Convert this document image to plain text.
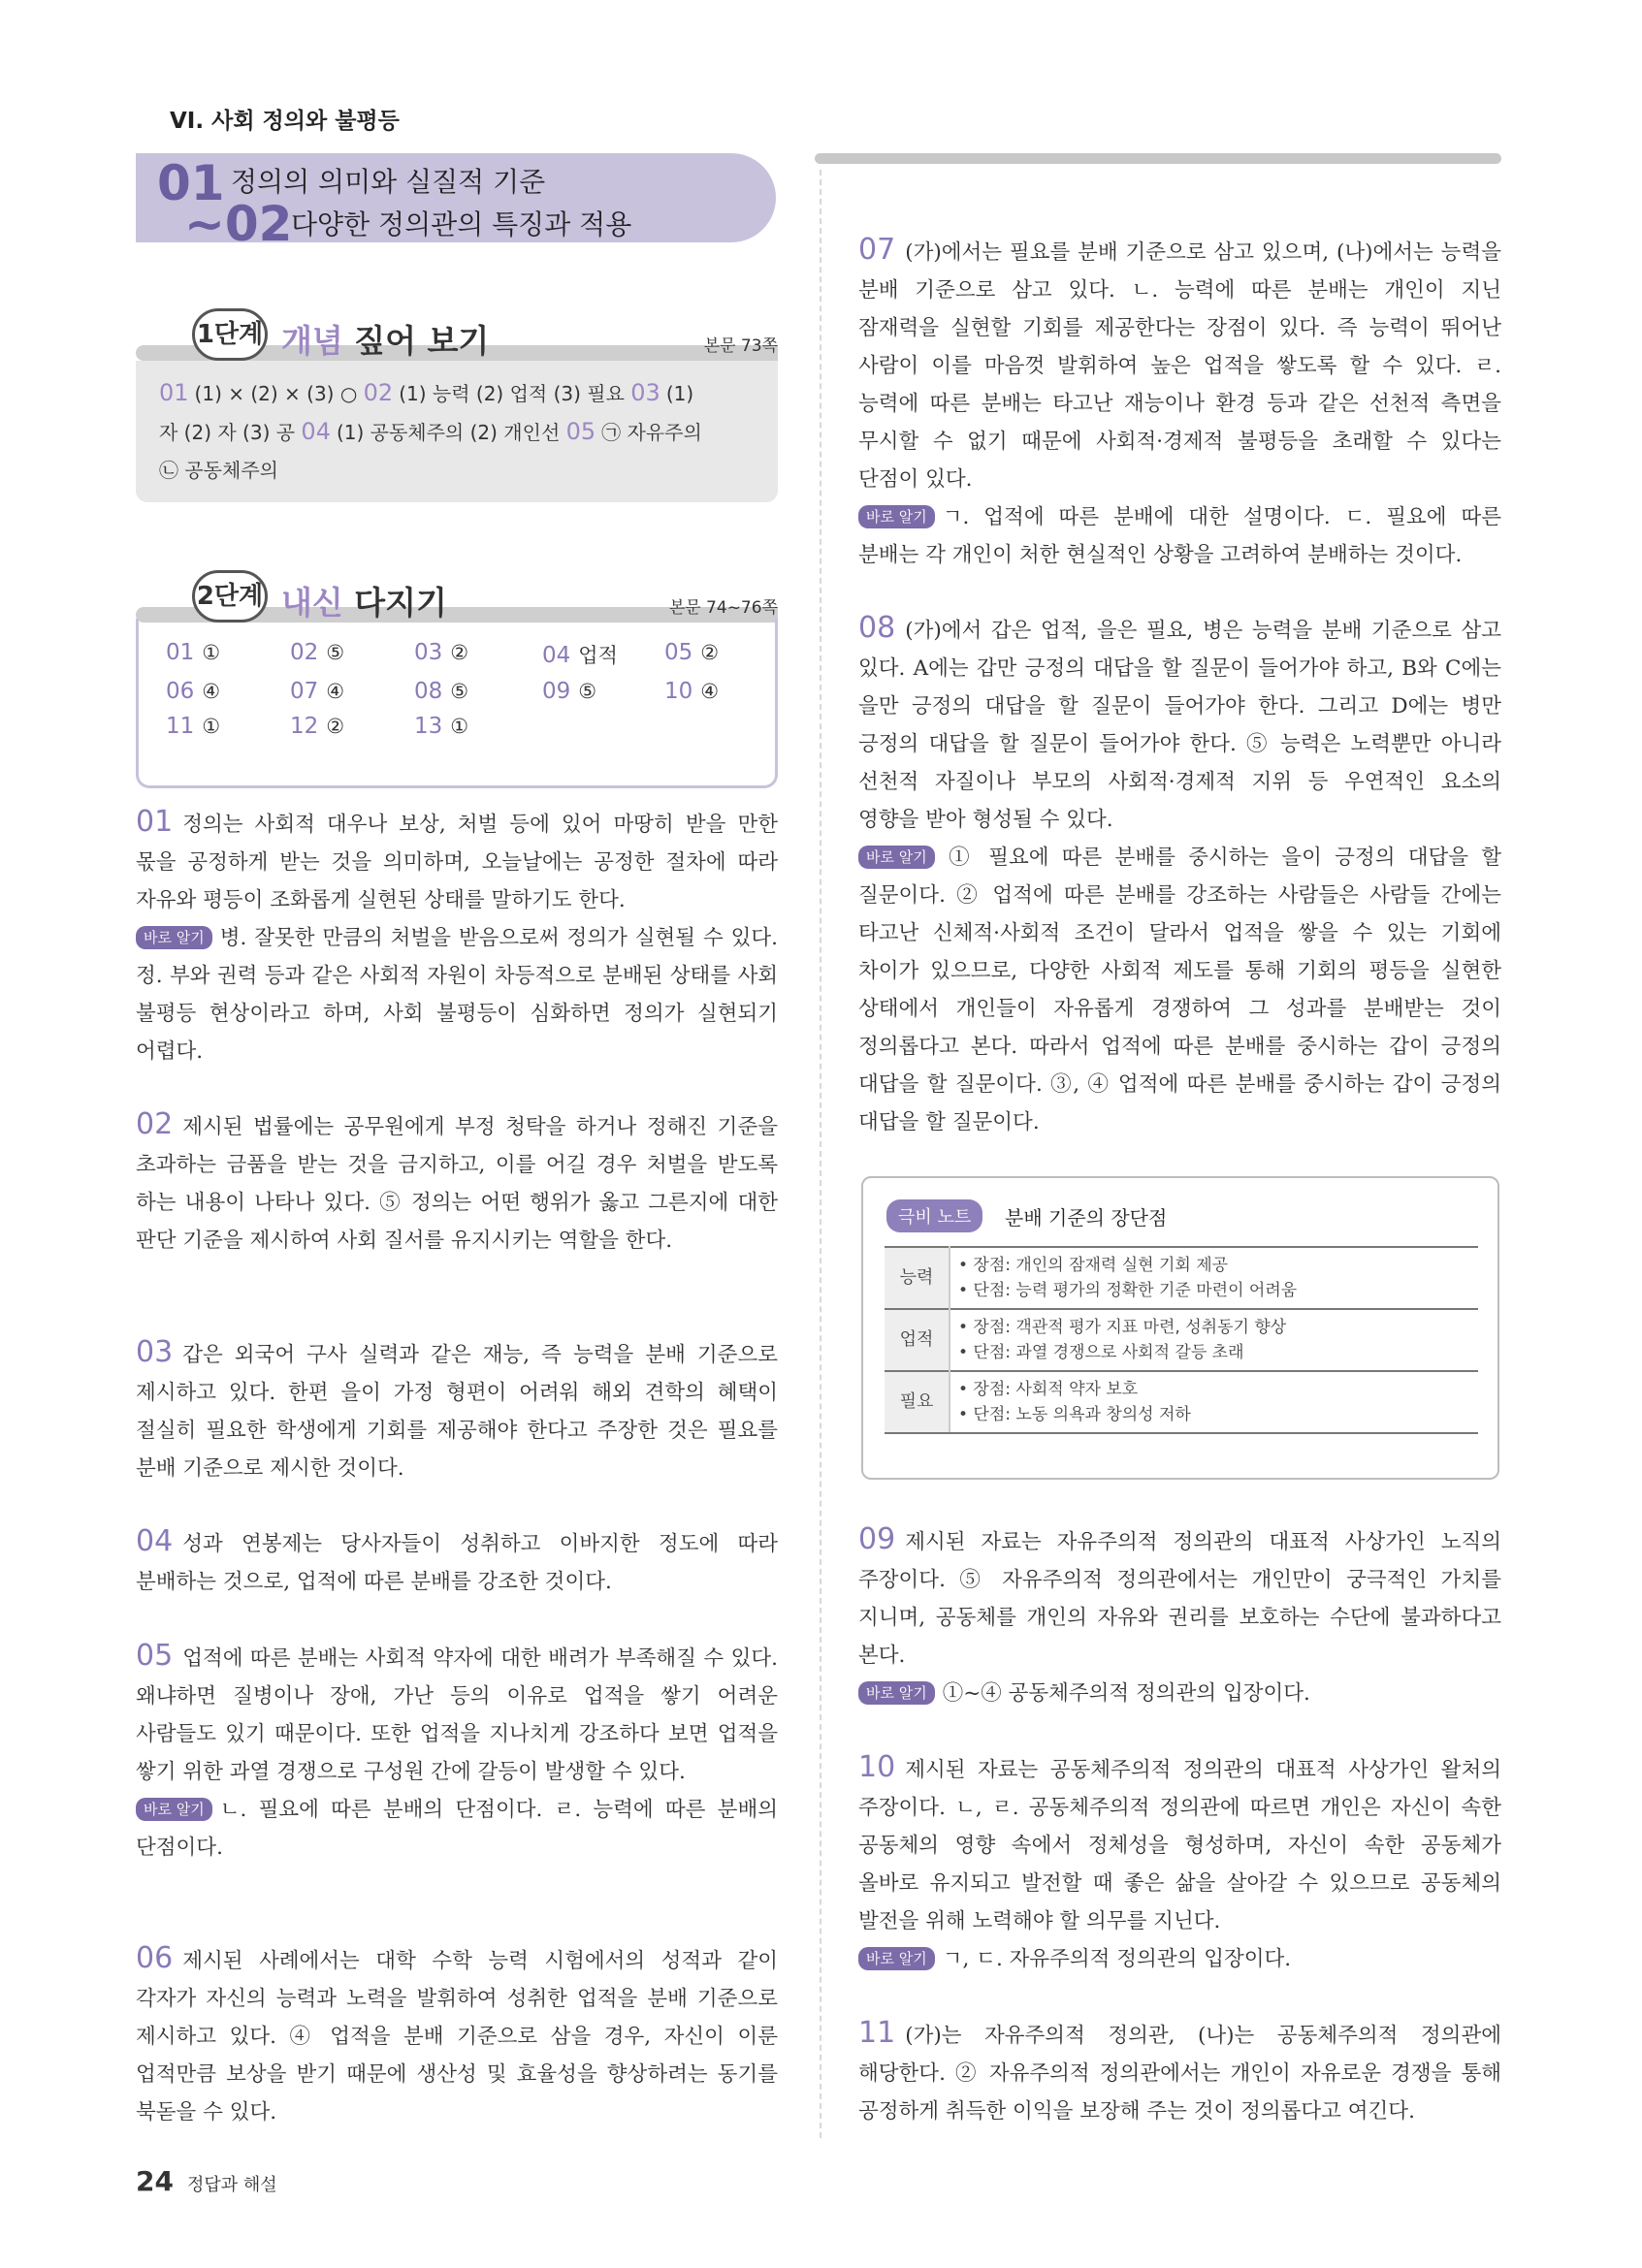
VI. 사회 정의와 불평등
01
~02
정의의 의미와 실질적 기준
다양한 정의관의 특징과 적용
1단계 개념 짚어 보기	본문 73쪽
01 (1) × (2) × (3) ○ 02 (1) 능력 (2) 업적 (3) 필요 03 (1)
자 (2) 자 (3) 공 04 (1) 공동체주의 (2) 개인선 05 ㉠ 자유주의
㉡ 공동체주의
2단계 내신 다지기	본문 74~76쪽
01 ①	02 ⑤	03 ②	04 업적	05 ②
06 ④	07 ④	08 ⑤	09 ⑤	10 ④
11 ①	12 ②	13 ①
01 정의는 사회적 대우나 보상, 처벌 등에 있어 마땅히 받을 만한 몫을 공정하게 받는 것을 의미하며, 오늘날에는 공정한 절차에 따라 자유와 평등이 조화롭게 실현된 상태를 말하기도 한다.
바로 알기 병. 잘못한 만큼의 처벌을 받음으로써 정의가 실현될 수 있다. 정. 부와 권력 등과 같은 사회적 자원이 차등적으로 분배된 상태를 사회 불평등 현상이라고 하며, 사회 불평등이 심화하면 정의가 실현되기 어렵다.
02 제시된 법률에는 공무원에게 부정 청탁을 하거나 정해진 기준을 초과하는 금품을 받는 것을 금지하고, 이를 어길 경우 처벌을 받도록 하는 내용이 나타나 있다. ⑤ 정의는 어떤 행위가 옳고 그른지에 대한 판단 기준을 제시하여 사회 질서를 유지시키는 역할을 한다.
03 갑은 외국어 구사 실력과 같은 재능, 즉 능력을 분배 기준으로 제시하고 있다. 한편 을이 가정 형편이 어려워 해외 견학의 혜택이 절실히 필요한 학생에게 기회를 제공해야 한다고 주장한 것은 필요를 분배 기준으로 제시한 것이다.
04 성과 연봉제는 당사자들이 성취하고 이바지한 정도에 따라 분배하는 것으로, 업적에 따른 분배를 강조한 것이다.
05 업적에 따른 분배는 사회적 약자에 대한 배려가 부족해질 수 있다. 왜냐하면 질병이나 장애, 가난 등의 이유로 업적을 쌓기 어려운 사람들도 있기 때문이다. 또한 업적을 지나치게 강조하다 보면 업적을 쌓기 위한 과열 경쟁으로 구성원 간에 갈등이 발생할 수 있다.
바로 알기 ㄴ. 필요에 따른 분배의 단점이다. ㄹ. 능력에 따른 분배의 단점이다.
06 제시된 사례에서는 대학 수학 능력 시험에서의 성적과 같이 각자가 자신의 능력과 노력을 발휘하여 성취한 업적을 분배 기준으로 제시하고 있다. ④ 업적을 분배 기준으로 삼을 경우, 자신이 이룬 업적만큼 보상을 받기 때문에 생산성 및 효율성을 향상하려는 동기를 북돋을 수 있다.
07 (가)에서는 필요를 분배 기준으로 삼고 있으며, (나)에서는 능력을 분배 기준으로 삼고 있다. ㄴ. 능력에 따른 분배는 개인이 지닌 잠재력을 실현할 기회를 제공한다는 장점이 있다. 즉 능력이 뛰어난 사람이 이를 마음껏 발휘하여 높은 업적을 쌓도록 할 수 있다. ㄹ. 능력에 따른 분배는 타고난 재능이나 환경 등과 같은 선천적 측면을 무시할 수 없기 때문에 사회적·경제적 불평등을 초래할 수 있다는 단점이 있다.
바로 알기 ㄱ. 업적에 따른 분배에 대한 설명이다. ㄷ. 필요에 따른 분배는 각 개인이 처한 현실적인 상황을 고려하여 분배하는 것이다.
08 (가)에서 갑은 업적, 을은 필요, 병은 능력을 분배 기준으로 삼고 있다. A에는 갑만 긍정의 대답을 할 질문이 들어가야 하고, B와 C에는 을만 긍정의 대답을 할 질문이 들어가야 한다. 그리고 D에는 병만 긍정의 대답을 할 질문이 들어가야 한다. ⑤ 능력은 노력뿐만 아니라 선천적 자질이나 부모의 사회적·경제적 지위 등 우연적인 요소의 영향을 받아 형성될 수 있다.
바로 알기 ① 필요에 따른 분배를 중시하는 을이 긍정의 대답을 할 질문이다. ② 업적에 따른 분배를 강조하는 사람들은 사람들 간에는 타고난 신체적·사회적 조건이 달라서 업적을 쌓을 수 있는 기회에 차이가 있으므로, 다양한 사회적 제도를 통해 기회의 평등을 실현한 상태에서 개인들이 자유롭게 경쟁하여 그 성과를 분배받는 것이 정의롭다고 본다. 따라서 업적에 따른 분배를 중시하는 갑이 긍정의 대답을 할 질문이다. ③, ④ 업적에 따른 분배를 중시하는 갑이 긍정의 대답을 할 질문이다.
극비 노트	분배 기준의 장단점
능력	• 장점: 개인의 잠재력 실현 기회 제공
• 단점: 능력 평가의 정확한 기준 마련이 어려움

업적	• 장점: 객관적 평가 지표 마련, 성취동기 향상
• 단점: 과열 경쟁으로 사회적 갈등 초래

필요	• 장점: 사회적 약자 보호
• 단점: 노동 의욕과 창의성 저하
09 제시된 자료는 자유주의적 정의관의 대표적 사상가인 노직의 주장이다. ⑤ 자유주의적 정의관에서는 개인만이 궁극적인 가치를 지니며, 공동체를 개인의 자유와 권리를 보호하는 수단에 불과하다고 본다.
바로 알기 ①~④ 공동체주의적 정의관의 입장이다.
10 제시된 자료는 공동체주의적 정의관의 대표적 사상가인 왈처의 주장이다. ㄴ, ㄹ. 공동체주의적 정의관에 따르면 개인은 자신이 속한 공동체의 영향 속에서 정체성을 형성하며, 자신이 속한 공동체가 올바로 유지되고 발전할 때 좋은 삶을 살아갈 수 있으므로 공동체의 발전을 위해 노력해야 할 의무를 지닌다.
바로 알기 ㄱ, ㄷ. 자유주의적 정의관의 입장이다.
11 (가)는 자유주의적 정의관, (나)는 공동체주의적 정의관에 해당한다. ② 자유주의적 정의관에서는 개인이 자유로운 경쟁을 통해 공정하게 취득한 이익을 보장해 주는 것이 정의롭다고 여긴다.
24 정답과 해설
